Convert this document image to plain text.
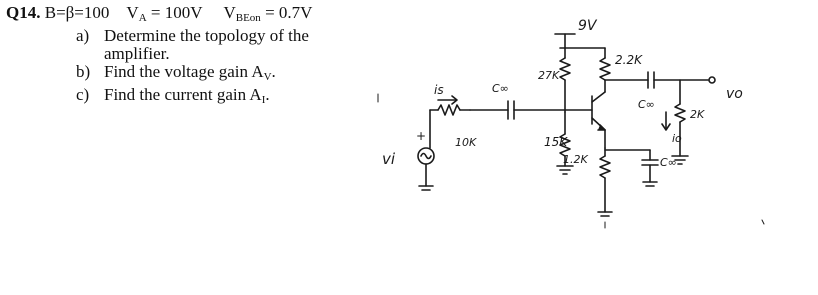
Q14. B=β=100 $V_A = 100V$ $V_{BEon} = 0.7V$
a) Determine the topology of the amplifier.
b) Find the voltage gain $A_V$.
c) Find the current gain $A_I$.
9V
27K
2.2K
C∞
vo
2K
io
15K
1.2K	C∞
C∞
10K
is
+
vi
